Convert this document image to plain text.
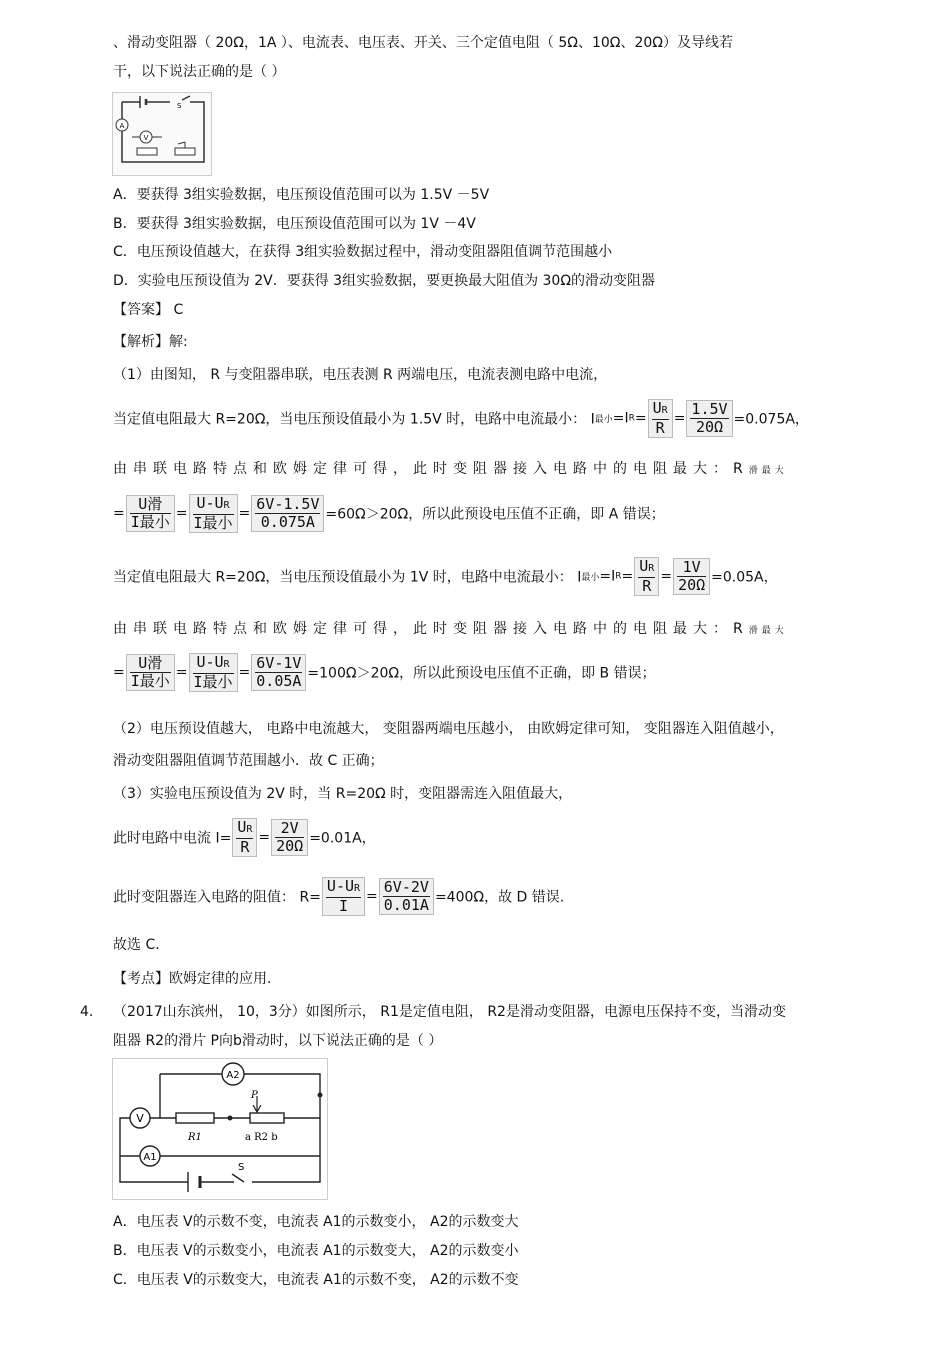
、滑动变阻器（ 20Ω，1A ）、电流表、电压表、开关、三个定值电阻（ 5Ω、10Ω、20Ω）及导线若
干，以下说法正确的是（ ）
A
V
S
A．要获得 3组实验数据，电压预设值范围可以为 1.5V －5V
B．要获得 3组实验数据，电压预设值范围可以为 1V －4V
C．电压预设值越大，在获得 3组实验数据过程中，滑动变阻器阻值调节范围越小
D．实验电压预设值为 2V．要获得 3组实验数据，要更换最大阻值为 30Ω的滑动变阻器
【答案】 C
【解析】解:
（1）由图知， R 与变阻器串联，电压表测 R 两端电压，电流表测电路中电流，
当定值电阻最大 R=20Ω，当电压预设值最小为 1.5V 时，电路中电流最小： I最小$=IR= \frac{UR}{R} = \frac{1.5V}{20\Omega} =0.075A$，
由串联电路特点和欧姆定律可得，此时变阻器接入电路中的电阻最大：R滑最大
= $\frac{\text{U滑}}{\text{I最小}} = \frac{U-UR}{\text{I最小}} = \frac{6V-1.5V}{0.075A} =60\Omega>20\Omega$，所以此预设电压值不正确，即 A 错误；
当定值电阻最大 R=20Ω，当电压预设值最小为 1V 时，电路中电流最小： I最小$=IR= \frac{UR}{R} = \frac{1V}{20\Omega} =0.05A$，
由串联电路特点和欧姆定律可得，此时变阻器接入电路中的电阻最大：R滑最大
= $\frac{\text{U滑}}{\text{I最小}} = \frac{U-UR}{\text{I最小}} = \frac{6V-1V}{0.05A} =100\Omega>20\Omega$，所以此预设电压值不正确，即 B 错误；
（2）电压预设值越大， 电路中电流越大， 变阻器两端电压越小， 由欧姆定律可知， 变阻器连入阻值越小，
滑动变阻器阻值调节范围越小．故 C 正确；
（3）实验电压预设值为 2V 时，当 R=20Ω 时，变阻器需连入阻值最大，
此时电路中电流 $I= \frac{UR}{R} = \frac{2V}{20\Omega} =0.01A$，
此时变阻器连入电路的阻值： $R= \frac{U-UR}{I} = \frac{6V-2V}{0.01A} =400\Omega$，故 D 错误.
故选 C．
【考点】欧姆定律的应用.
4. （2017山东滨州， 10，3分）如图所示， R1是定值电阻， R2是滑动变阻器，电源电压保持不变，当滑动变
阻器 R2的滑片 P向b滑动时，以下说法正确的是（ ）
A2
V
R1
P
a R2 b
A1
S
A．电压表 V的示数不变，电流表 A1的示数变小， A2的示数变大
B．电压表 V的示数变小，电流表 A1的示数变大， A2的示数变小
C．电压表 V的示数变大，电流表 A1的示数不变， A2的示数不变
